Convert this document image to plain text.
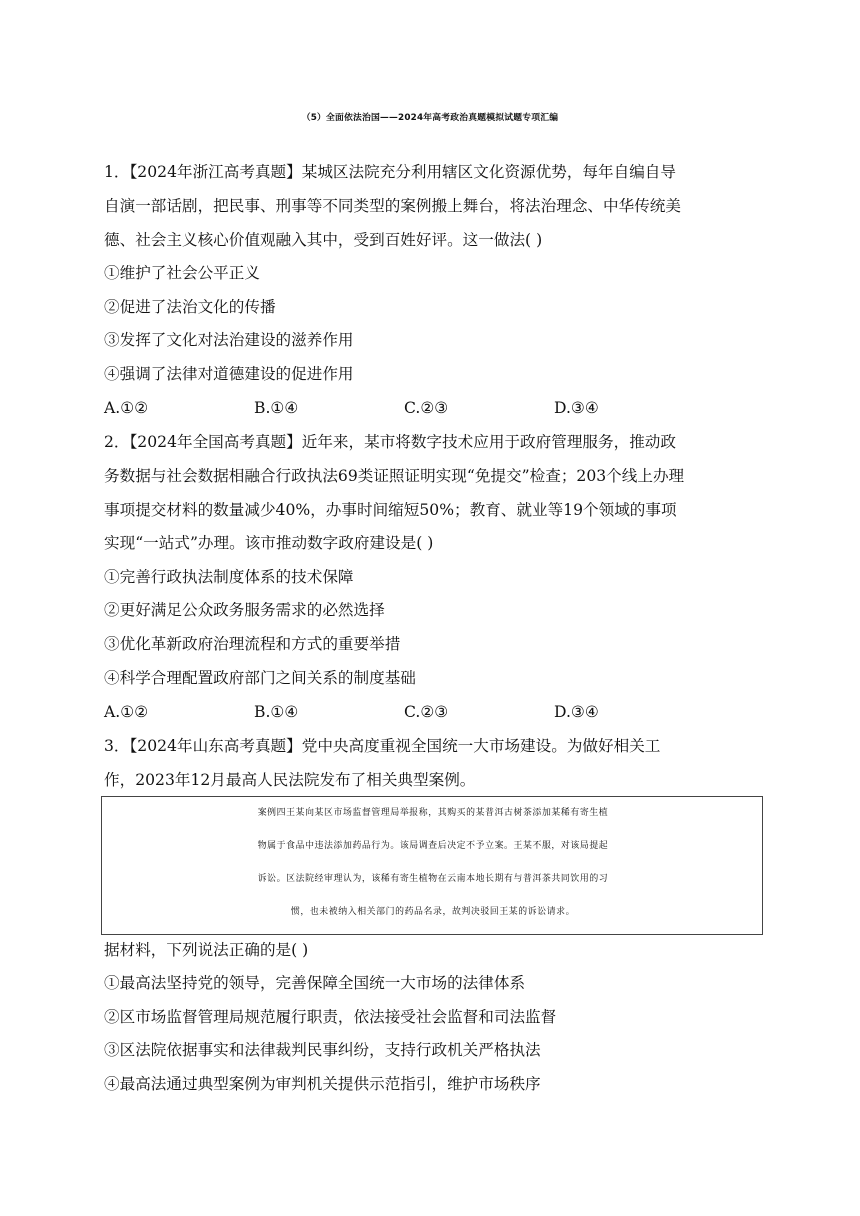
（5）全面依法治国——2024年高考政治真题模拟试题专项汇编
1．【2024年浙江高考真题】某城区法院充分利用辖区文化资源优势，每年自编自导
自演一部话剧，把民事、刑事等不同类型的案例搬上舞台，将法治理念、中华传统美
德、社会主义核心价值观融入其中，受到百姓好评。这一做法( )
①维护了社会公平正义
②促进了法治文化的传播
③发挥了文化对法治建设的滋养作用
④强调了法律对道德建设的促进作用
A.①②	B.①④	C.②③	D.③④
2．【2024年全国高考真题】近年来，某市将数字技术应用于政府管理服务，推动政
务数据与社会数据相融合行政执法69类证照证明实现“免提交”检查；203个线上办理
事项提交材料的数量减少40%，办事时间缩短50%；教育、就业等19个领域的事项
实现“一站式”办理。该市推动数字政府建设是( )
①完善行政执法制度体系的技术保障
②更好满足公众政务服务需求的必然选择
③优化革新政府治理流程和方式的重要举措
④科学合理配置政府部门之间关系的制度基础
A.①②	B.①④	C.②③	D.③④
3．【2024年山东高考真题】党中央高度重视全国统一大市场建设。为做好相关工
作，2023年12月最高人民法院发布了相关典型案例。
案例四王某向某区市场监督管理局举报称，其购买的某普洱古树茶添加某稀有寄生植
物属于食品中违法添加药品行为。该局调查后决定不予立案。王某不服，对该局提起
诉讼。区法院经审理认为，该稀有寄生植物在云南本地长期有与普洱茶共同饮用的习
惯，也未被纳入相关部门的药品名录，故判决驳回王某的诉讼请求。
据材料，下列说法正确的是( )
①最高法坚持党的领导，完善保障全国统一大市场的法律体系
②区市场监督管理局规范履行职责，依法接受社会监督和司法监督
③区法院依据事实和法律裁判民事纠纷，支持行政机关严格执法
④最高法通过典型案例为审判机关提供示范指引，维护市场秩序
